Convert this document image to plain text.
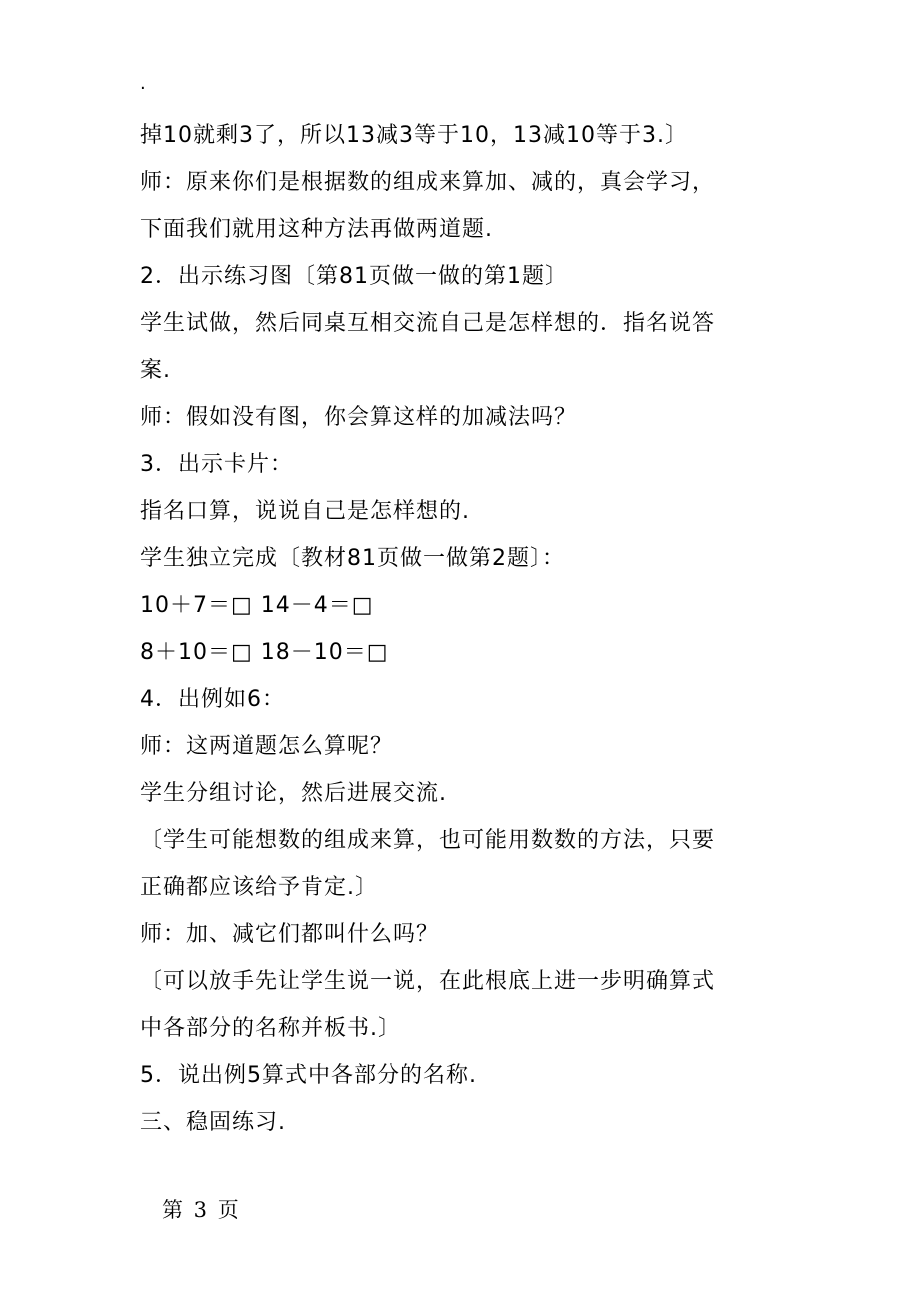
.
掉10就剩3了，所以13减3等于10，13减10等于3.〕
师：原来你们是根据数的组成来算加、减的，真会学习，
下面我们就用这种方法再做两道题.
2．出示练习图〔第81页做一做的第1题〕
学生试做，然后同桌互相交流自己是怎样想的．指名说答
案.
师：假如没有图，你会算这样的加减法吗？
3．出示卡片：
指名口算，说说自己是怎样想的.
学生独立完成〔教材81页做一做第2题〕：
10＋7＝□ 14－4＝□
8＋10＝□ 18－10＝□
4．出例如6：
师：这两道题怎么算呢？
学生分组讨论，然后进展交流.
〔学生可能想数的组成来算，也可能用数数的方法，只要
正确都应该给予肯定.〕
师：加、减它们都叫什么吗？
〔可以放手先让学生说一说，在此根底上进一步明确算式
中各部分的名称并板书.〕
5．说出例5算式中各部分的名称.
三、稳固练习.
第 3 页
